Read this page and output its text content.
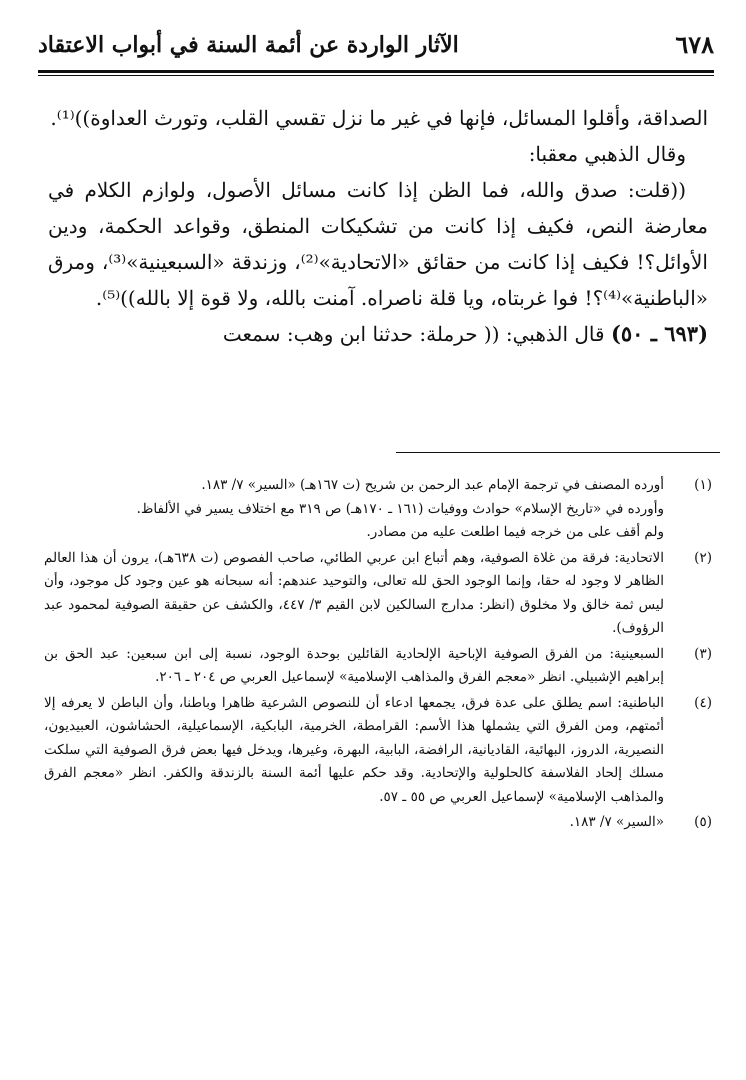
٦٧٨
الآثار الواردة عن أئمة السنة في أبواب الاعتقاد

الصداقة، وأقلوا المسائل، فإنها في غير ما نزل تقسي القلب، وتورث العداوة))⁽¹⁾.

وقال الذهبي معقبا:

((قلت: صدق والله، فما الظن إذا كانت مسائل الأصول، ولوازم الكلام في معارضة النص، فكيف إذا كانت من تشكيكات المنطق، وقواعد الحكمة، ودين الأوائل؟! فكيف إذا كانت من حقائق «الاتحادية»⁽²⁾، وزندقة «السبعينية»⁽³⁾، ومرق «الباطنية»⁽⁴⁾؟! فوا غربتاه، ويا قلة ناصراه. آمنت بالله، ولا قوة إلا بالله))⁽⁵⁾.

(٦٩٣ ـ ٥٠) قال الذهبي: (( حرملة: حدثنا ابن وهب: سمعت

(١)

أورده المصنف في ترجمة الإمام عبد الرحمن بن شريح (ت ١٦٧هـ) «السير» ٧/ ١٨٣.

وأورده في «تاريخ الإسلام» حوادث ووفيات (١٦١ ـ ١٧٠هـ) ص ٣١٩ مع اختلاف يسير في الألفاظ.

ولم أقف على من خرجه فيما اطلعت عليه من مصادر.

(٢)

الاتحادية: فرقة من غلاة الصوفية، وهم أتباع ابن عربي الطائي، صاحب الفصوص (ت ٦٣٨هـ)، يرون أن هذا العالم الظاهر لا وجود له حقا، وإنما الوجود الحق لله تعالى، والتوحيد عندهم: أنه سبحانه هو عين وجود كل موجود، وأن ليس ثمة خالق ولا مخلوق (انظر: مدارج السالكين لابن القيم ٣/ ٤٤٧، والكشف عن حقيقة الصوفية لمحمود عبد الرؤوف).

(٣)

السبعينية: من الفرق الصوفية الإباحية الإلحادية القائلين بوحدة الوجود، نسبة إلى ابن سبعين: عبد الحق بن إبراهيم الإشبيلي. انظر «معجم الفرق والمذاهب الإسلامية» لإسماعيل العربي ص ٢٠٤ ـ ٢٠٦.

(٤)

الباطنية: اسم يطلق على عدة فرق، يجمعها ادعاء أن للنصوص الشرعية ظاهرا وباطنا، وأن الباطن لا يعرفه إلا أئمتهم، ومن الفرق التي يشملها هذا الأسم: القرامطة، الخرمية، البابكية، الإسماعيلية، الحشاشون، العبيديون، النصيرية، الدروز، البهائية، القاديانية، الرافضة، البابية، البهرة، وغيرها، ويدخل فيها بعض فرق الصوفية التي سلكت مسلك إلحاد الفلاسفة كالحلولية والإتحادية. وقد حكم عليها أئمة السنة بالزندقة والكفر. انظر «معجم الفرق والمذاهب الإسلامية» لإسماعيل العربي ص ٥٥ ـ ٥٧.

(٥)

«السير» ٧/ ١٨٣.
